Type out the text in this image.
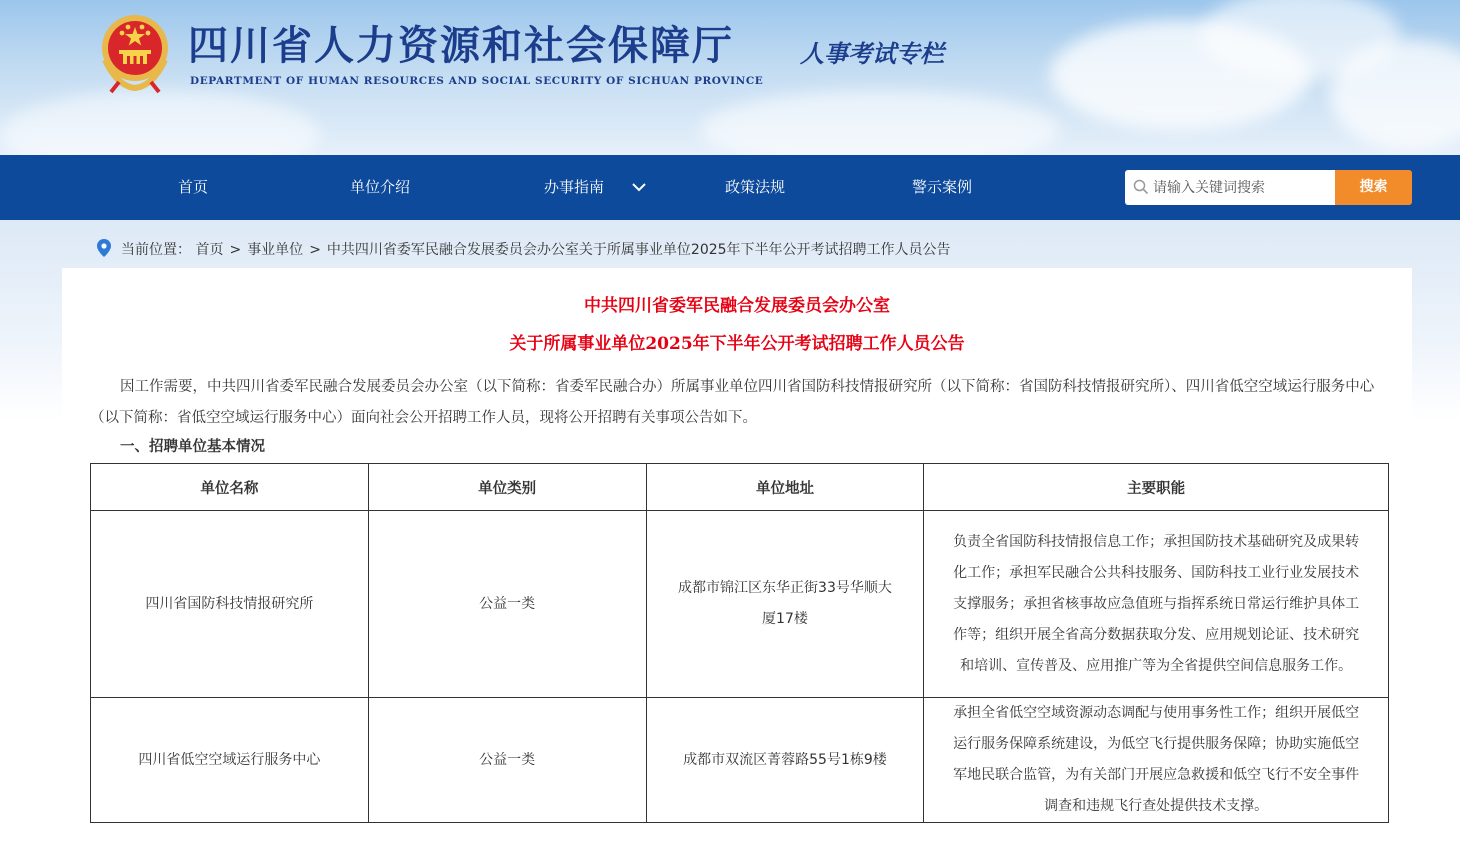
四川省人力资源和社会保障厅
DEPARTMENT OF HUMAN RESOURCES AND SOCIAL SECURITY OF SICHUAN PROVINCE
人事考试专栏
首页	单位介绍	办事指南	政策法规	警示案例
请输入关键词搜索	搜索
当前位置： 首页 > 事业单位 > 中共四川省委军民融合发展委员会办公室关于所属事业单位2025年下半年公开考试招聘工作人员公告
中共四川省委军民融合发展委员会办公室
关于所属事业单位2025年下半年公开考试招聘工作人员公告

因工作需要，中共四川省委军民融合发展委员会办公室（以下简称：省委军民融合办）所属事业单位四川省国防科技情报研究所（以下简称：省国防科技情报研究所）、四川省低空空域运行服务中心（以下简称：省低空空域运行服务中心）面向社会公开招聘工作人员，现将公开招聘有关事项公告如下。

一、招聘单位基本情况
单位名称	单位类别	单位地址	主要职能
四川省国防科技情报研究所	公益一类	成都市锦江区东华正街33号华顺大厦17楼	负责全省国防科技情报信息工作；承担国防技术基础研究及成果转化工作；承担军民融合公共科技服务、国防科技工业行业发展技术支撑服务；承担省核事故应急值班与指挥系统日常运行维护具体工作等；组织开展全省高分数据获取分发、应用规划论证、技术研究和培训、宣传普及、应用推广等为全省提供空间信息服务工作。
四川省低空空域运行服务中心	公益一类	成都市双流区菁蓉路55号1栋9楼	承担全省低空空域资源动态调配与使用事务性工作；组织开展低空运行服务保障系统建设，为低空飞行提供服务保障；协助实施低空军地民联合监管，为有关部门开展应急救援和低空飞行不安全事件调查和违规飞行查处提供技术支撑。
